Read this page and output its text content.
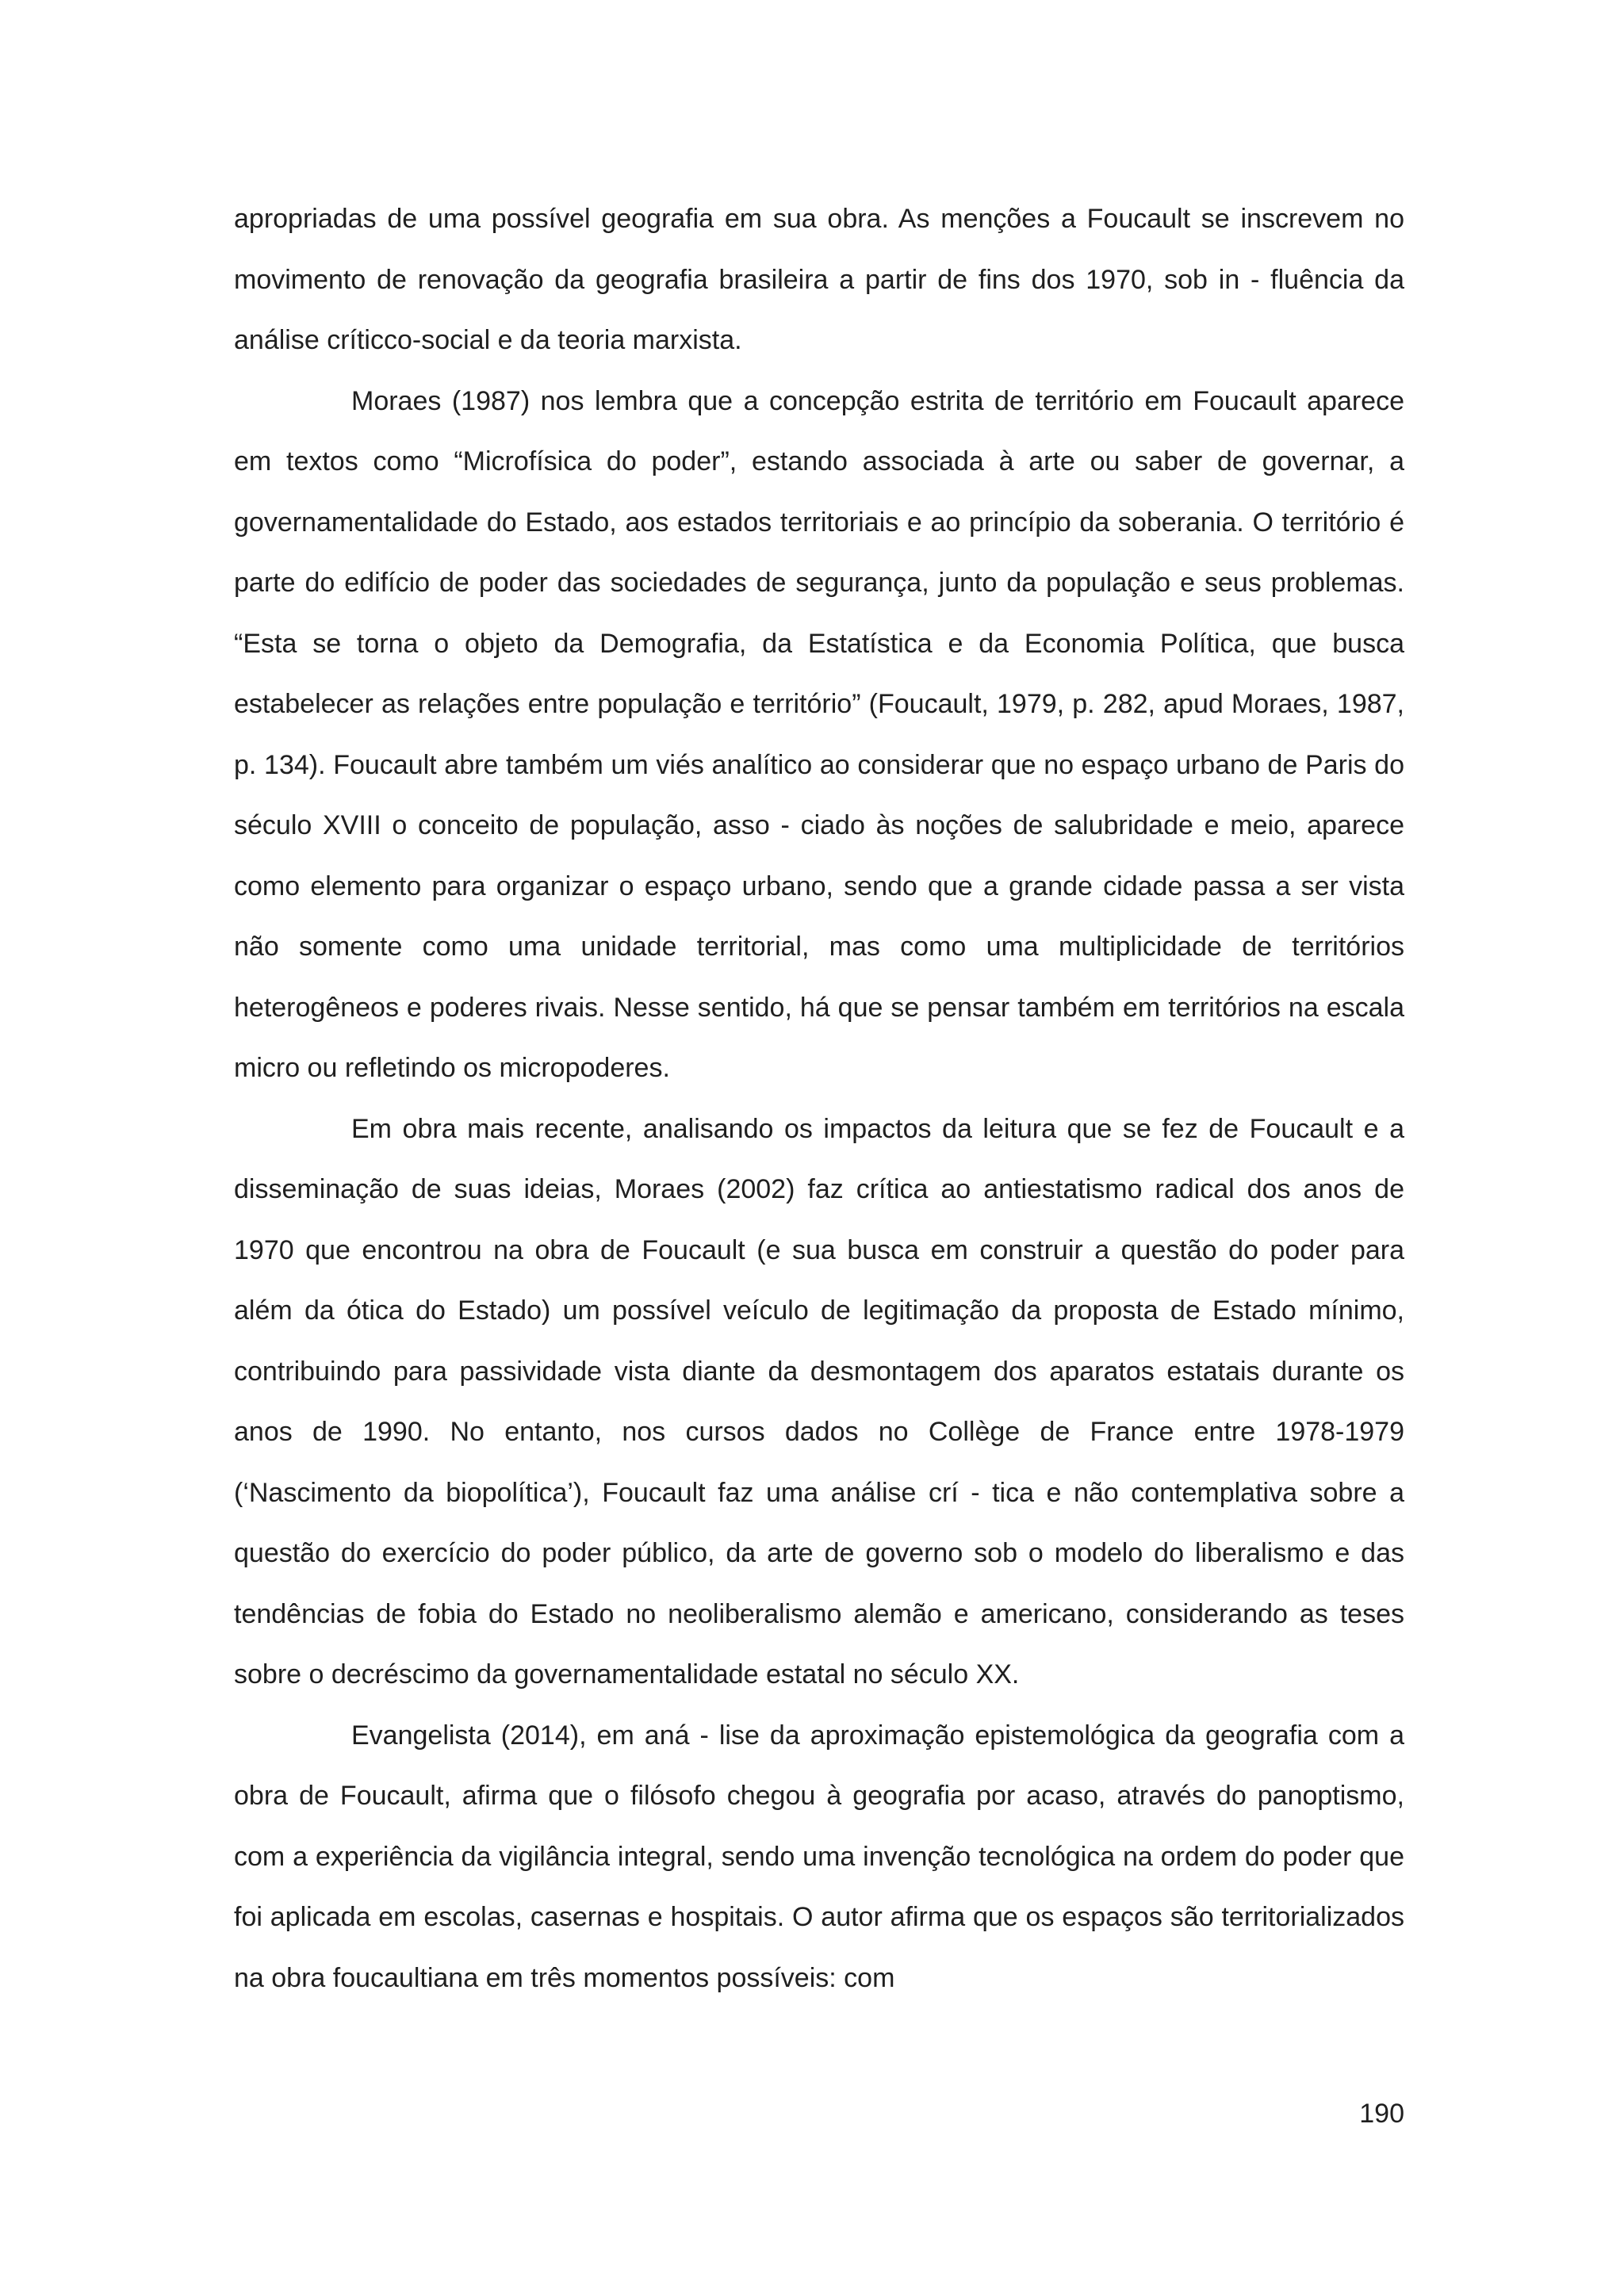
apropriadas de uma possível geografia em sua obra. As menções a Foucault se inscrevem no movimento de renovação da geografia brasileira a partir de fins dos 1970, sob in - fluência da análise críticco-social e da teoria marxista.

Moraes (1987) nos lembra que a concepção estrita de território em Foucault aparece em textos como “Microfísica do poder”, estando associada à arte ou saber de governar, a governamentalidade do Estado, aos estados territoriais e ao princípio da soberania. O território é parte do edifício de poder das sociedades de segurança, junto da população e seus problemas. “Esta se torna o objeto da Demografia, da Estatística e da Economia Política, que busca estabelecer as relações entre população e território” (Foucault, 1979, p. 282, apud Moraes, 1987, p. 134). Foucault abre também um viés analítico ao considerar que no espaço urbano de Paris do século XVIII o conceito de população, asso - ciado às noções de salubridade e meio, aparece como elemento para organizar o espaço urbano, sendo que a grande cidade passa a ser vista não somente como uma unidade territorial, mas como uma multiplicidade de territórios heterogêneos e poderes rivais. Nesse sentido, há que se pensar também em territórios na escala micro ou refletindo os micropoderes.

Em obra mais recente, analisando os impactos da leitura que se fez de Foucault e a disseminação de suas ideias, Moraes (2002) faz crítica ao antiestatismo radical dos anos de 1970 que encontrou na obra de Foucault (e sua busca em construir a questão do poder para além da ótica do Estado) um possível veículo de legitimação da proposta de Estado mínimo, contribuindo para passividade vista diante da desmontagem dos aparatos estatais durante os anos de 1990. No entanto, nos cursos dados no Collège de France entre 1978-1979 (‘Nascimento da biopolítica’), Foucault faz uma análise crí - tica e não contemplativa sobre a questão do exercício do poder público, da arte de governo sob o modelo do liberalismo e das tendências de fobia do Estado no neoliberalismo alemão e americano, considerando as teses sobre o decréscimo da governamentalidade estatal no século XX.

Evangelista (2014), em aná - lise da aproximação epistemológica da geografia com a obra de Foucault, afirma que o filósofo chegou à geografia por acaso, através do panoptismo, com a experiência da vigilância integral, sendo uma invenção tecnológica na ordem do poder que foi aplicada em escolas, casernas e hospitais. O autor afirma que os espaços são territorializados na obra foucaultiana em três momentos possíveis: com

190
